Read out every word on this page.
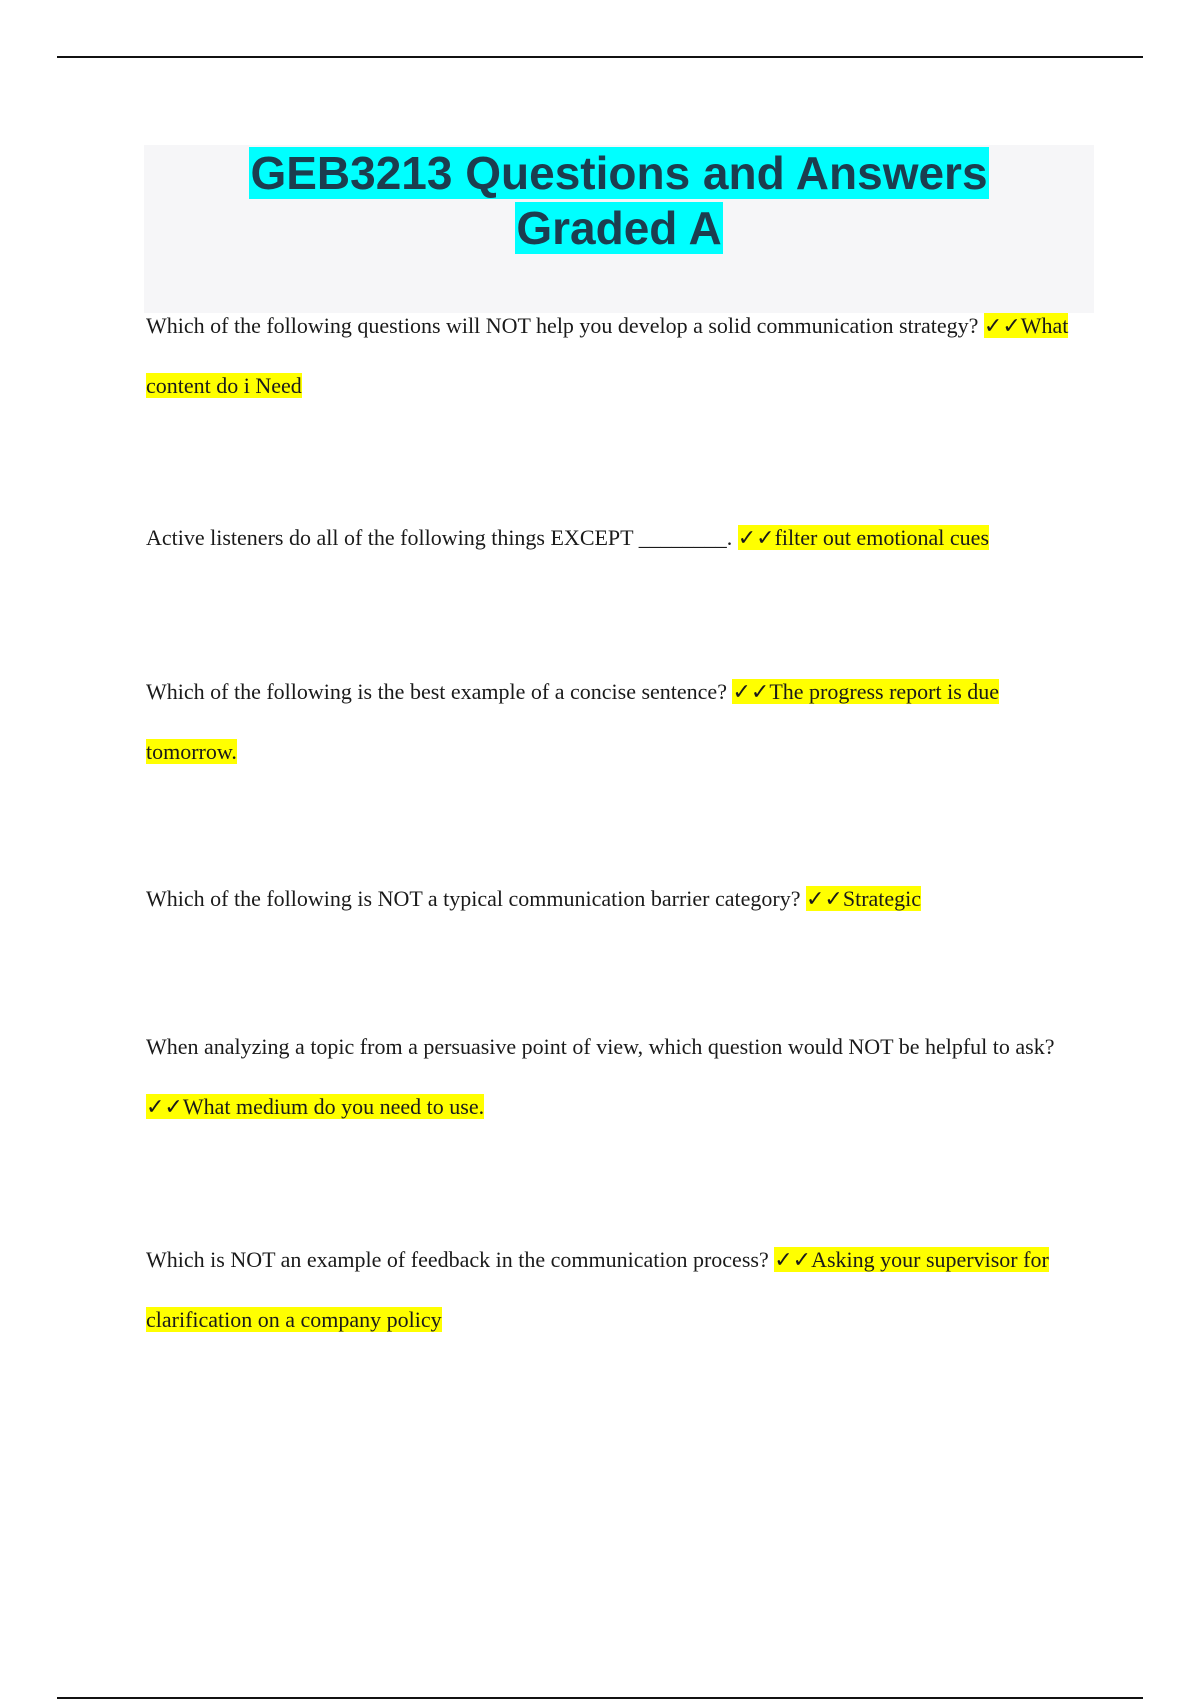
GEB3213 Questions and Answers
Graded A

Which of the following questions will NOT help you develop a solid communication strategy? ✓✓What content do i Need

Active listeners do all of the following things EXCEPT ________. ✓✓filter out emotional cues

Which of the following is the best example of a concise sentence? ✓✓The progress report is due tomorrow.

Which of the following is NOT a typical communication barrier category? ✓✓Strategic

When analyzing a topic from a persuasive point of view, which question would NOT be helpful to ask? ✓✓What medium do you need to use.

Which is NOT an example of feedback in the communication process? ✓✓Asking your supervisor for clarification on a company policy
